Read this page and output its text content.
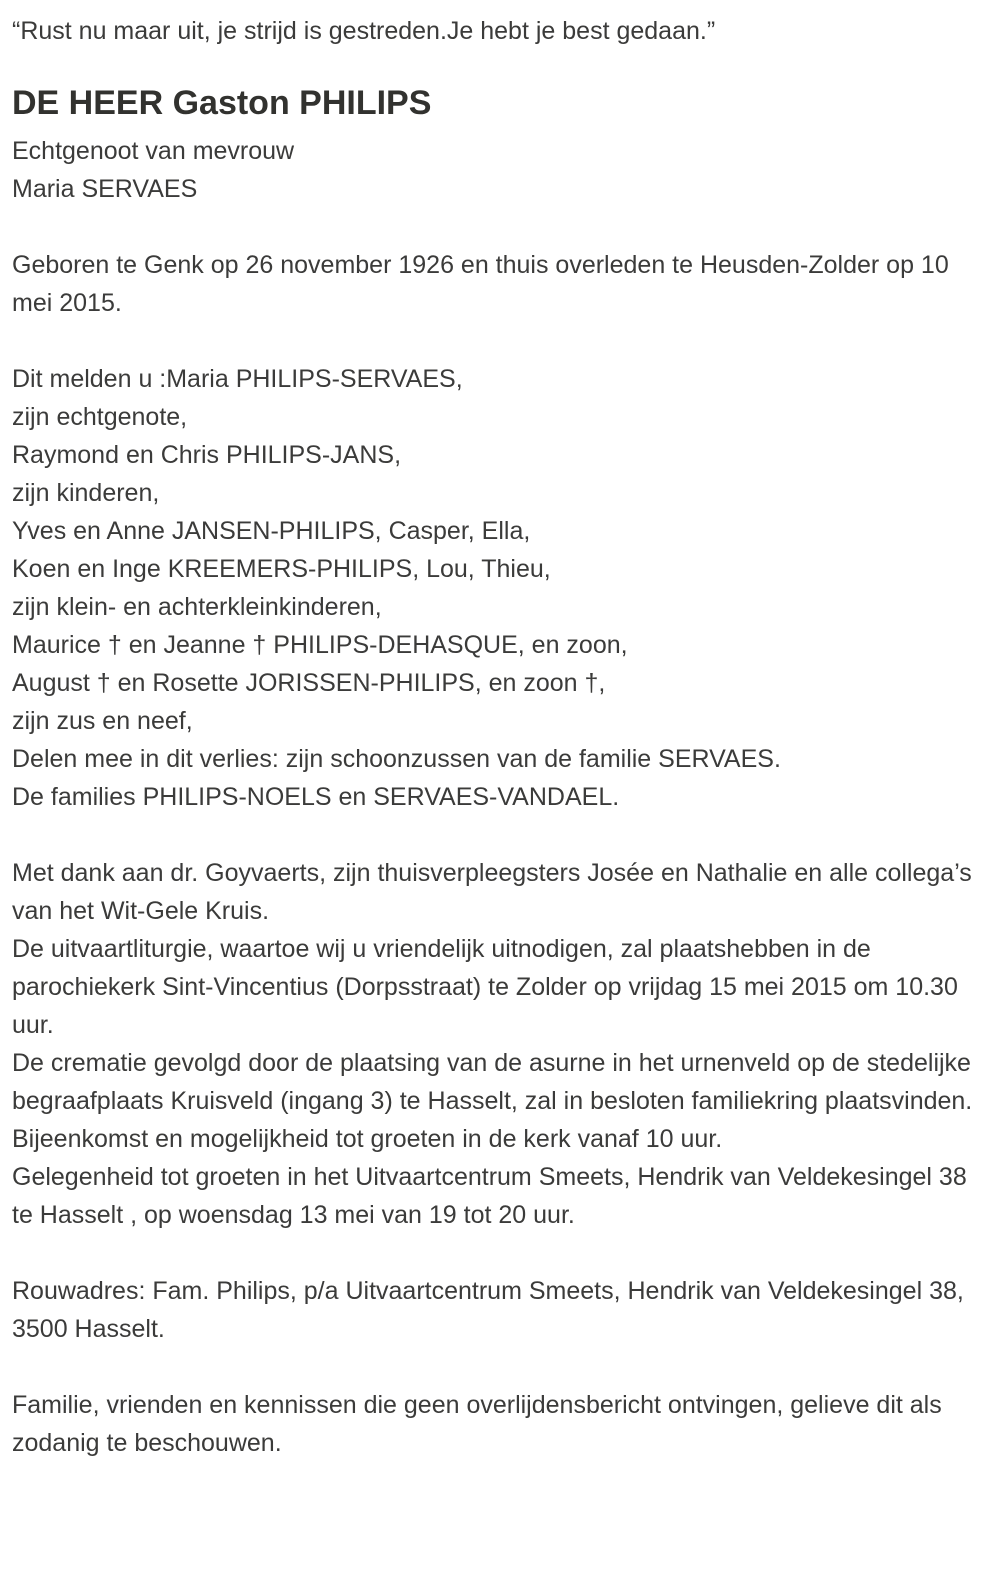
“Rust nu maar uit, je strijd is gestreden.Je hebt je best gedaan.”

DE HEER Gaston PHILIPS
Echtgenoot van mevrouw
Maria SERVAES

Geboren te Genk op 26 november 1926 en thuis overleden te Heusden-Zolder op 10 mei 2015.

Dit melden u :Maria PHILIPS-SERVAES,
zijn echtgenote,
Raymond en Chris PHILIPS-JANS,
zijn kinderen,
Yves en Anne JANSEN-PHILIPS, Casper, Ella,
Koen en Inge KREEMERS-PHILIPS, Lou, Thieu,
zijn klein- en achterkleinkinderen,
Maurice † en Jeanne † PHILIPS-DEHASQUE, en zoon,
August † en Rosette JORISSEN-PHILIPS, en zoon †,
zijn zus en neef,
Delen mee in dit verlies: zijn schoonzussen van de familie SERVAES.
De families PHILIPS-NOELS en SERVAES-VANDAEL.

Met dank aan dr. Goyvaerts, zijn thuisverpleegsters Josée en Nathalie en alle collega’s van het Wit-Gele Kruis.

De uitvaartliturgie, waartoe wij u vriendelijk uitnodigen, zal plaatshebben in de parochiekerk Sint-Vincentius (Dorpsstraat) te Zolder op vrijdag 15 mei 2015 om 10.30 uur.

De crematie gevolgd door de plaatsing van de asurne in het urnenveld op de stedelijke begraafplaats Kruisveld (ingang 3) te Hasselt, zal in besloten familiekring plaatsvinden.

Bijeenkomst en mogelijkheid tot groeten in de kerk vanaf 10 uur.

Gelegenheid tot groeten in het Uitvaartcentrum Smeets, Hendrik van Veldekesingel 38 te Hasselt , op woensdag 13 mei van 19 tot 20 uur.

Rouwadres: Fam. Philips, p/a Uitvaartcentrum Smeets, Hendrik van Veldekesingel 38, 3500 Hasselt.

Familie, vrienden en kennissen die geen overlijdensbericht ontvingen, gelieve dit als zodanig te beschouwen.
